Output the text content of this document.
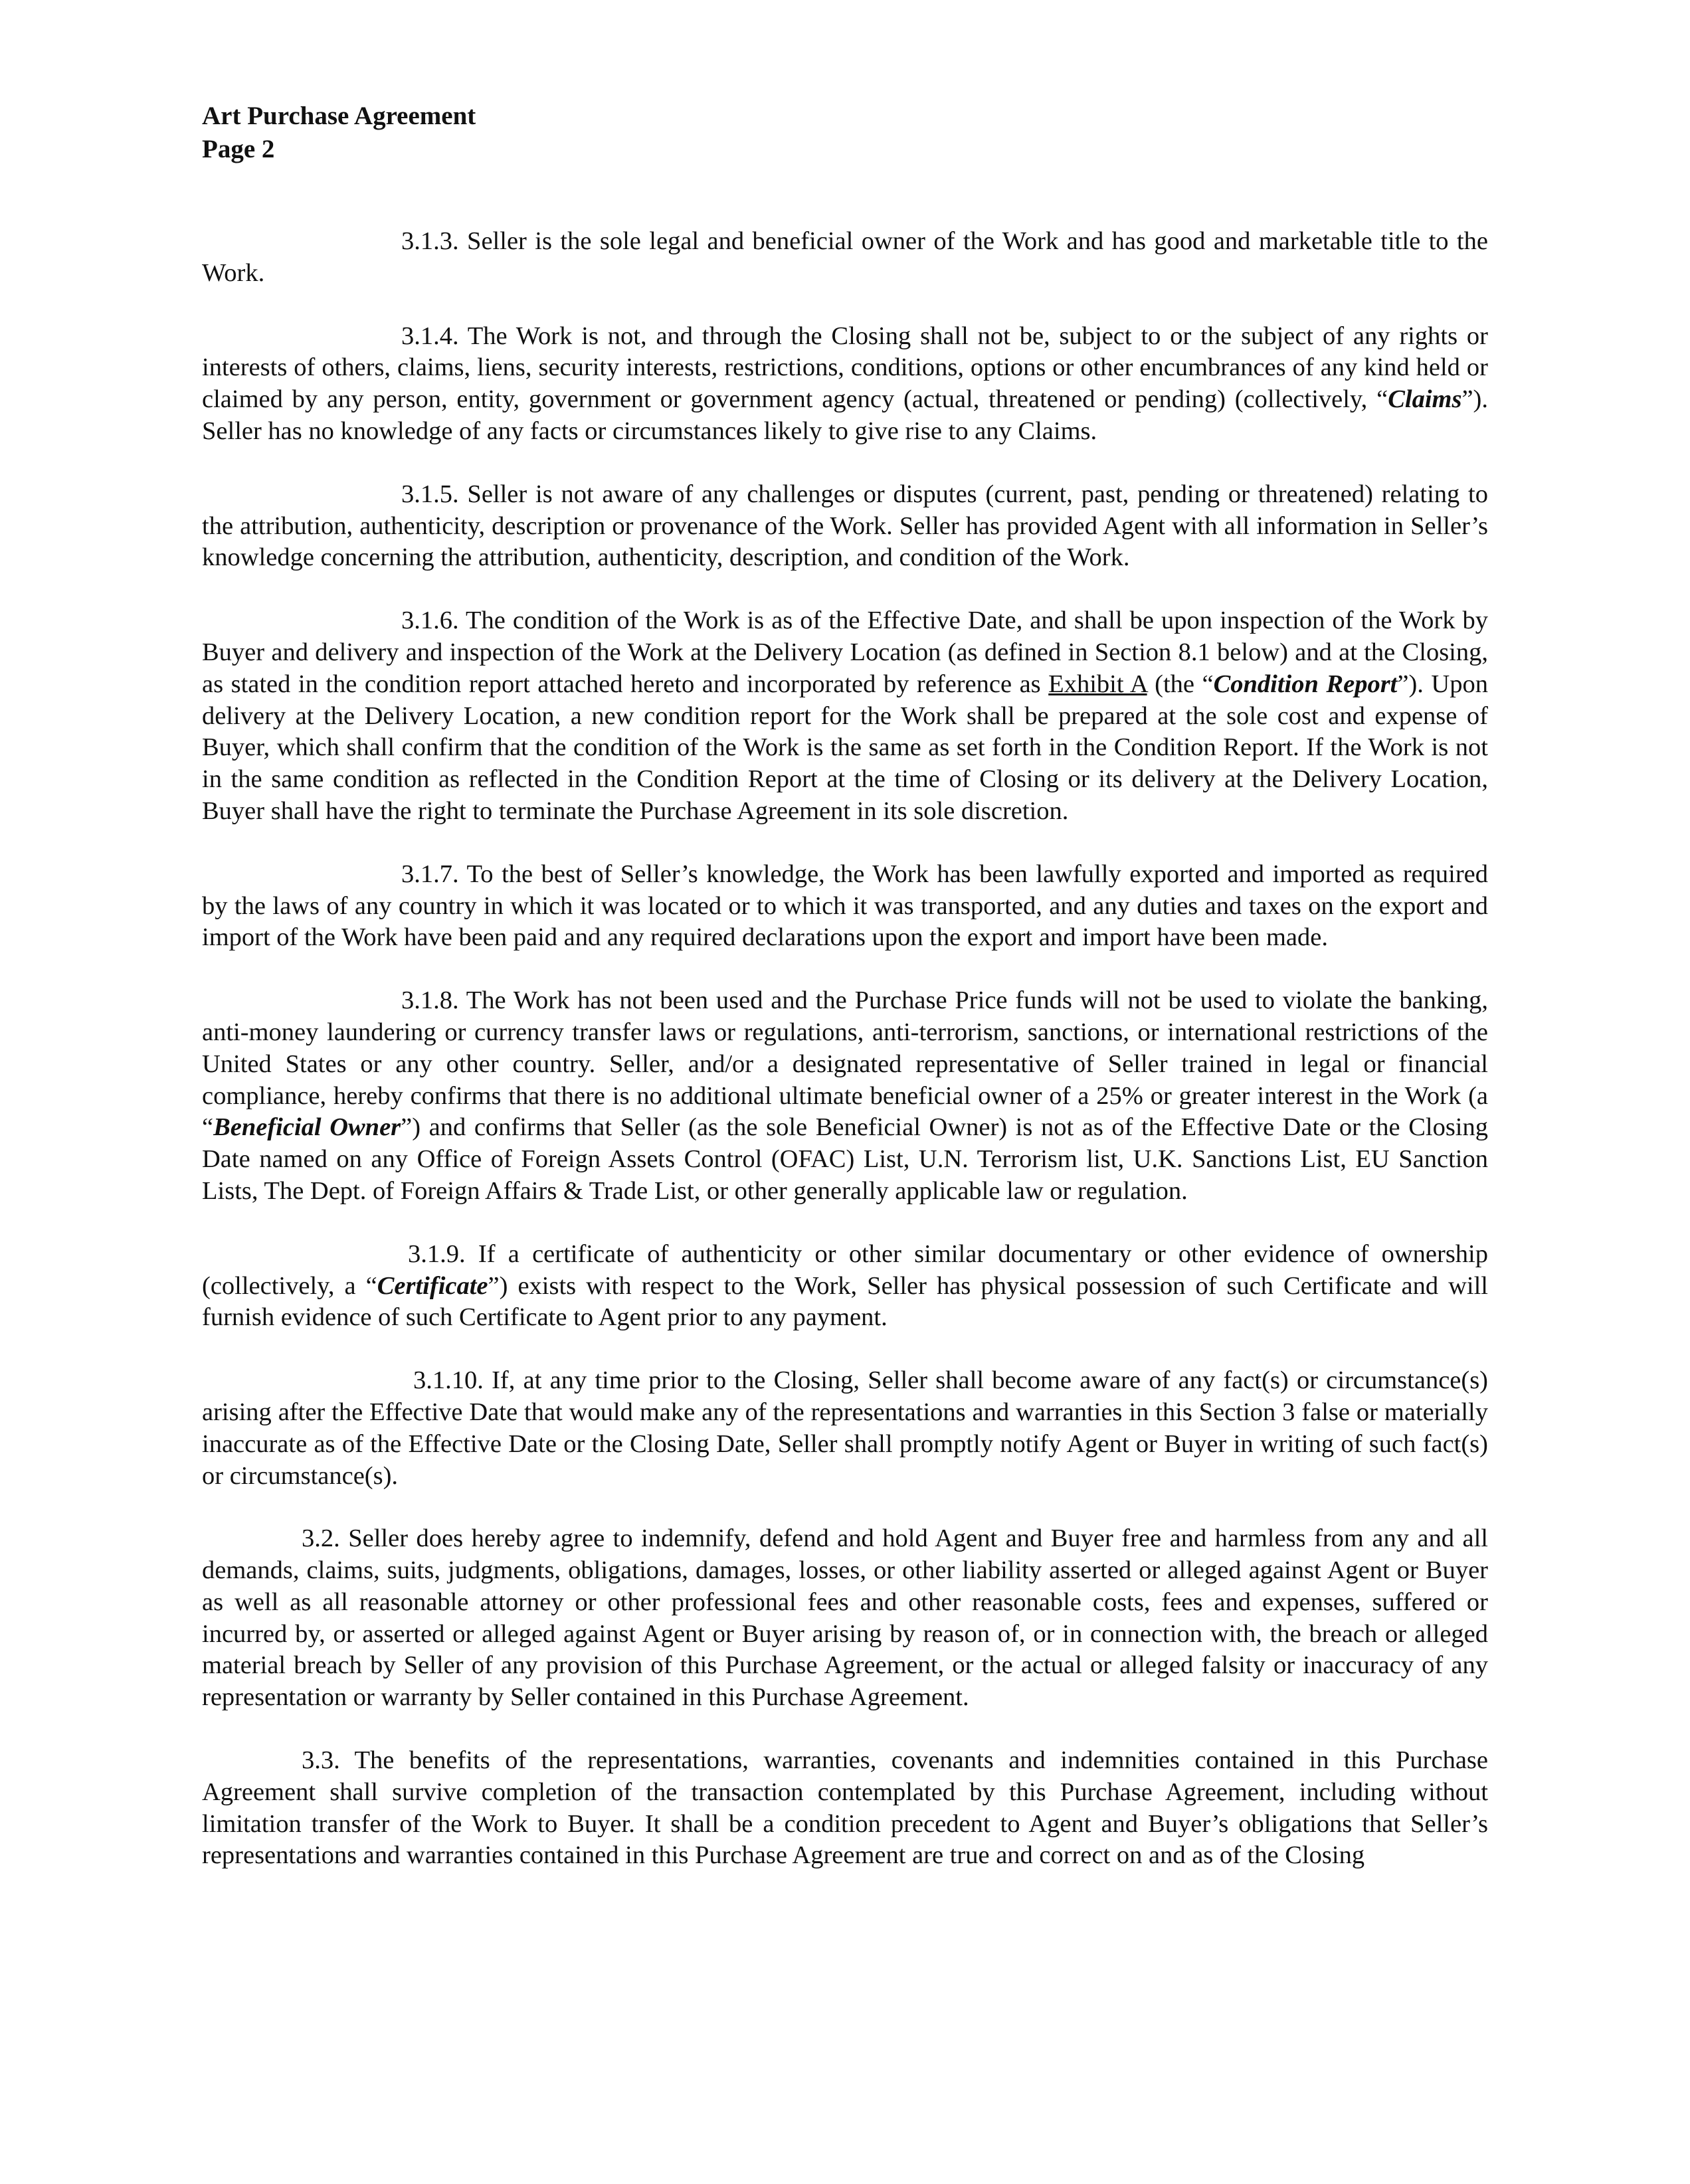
Art Purchase Agreement

Page 2

3.1.3. Seller is the sole legal and beneficial owner of the Work and has good and marketable title to the Work.

3.1.4. The Work is not, and through the Closing shall not be, subject to or the subject of any rights or interests of others, claims, liens, security interests, restrictions, conditions, options or other encumbrances of any kind held or claimed by any person, entity, government or government agency (actual, threatened or pending) (collectively, “Claims”). Seller has no knowledge of any facts or circumstances likely to give rise to any Claims.

3.1.5. Seller is not aware of any challenges or disputes (current, past, pending or threatened) relating to the attribution, authenticity, description or provenance of the Work. Seller has provided Agent with all information in Seller’s knowledge concerning the attribution, authenticity, description, and condition of the Work.

3.1.6. The condition of the Work is as of the Effective Date, and shall be upon inspection of the Work by Buyer and delivery and inspection of the Work at the Delivery Location (as defined in Section 8.1 below) and at the Closing, as stated in the condition report attached hereto and incorporated by reference as Exhibit A (the “Condition Report”). Upon delivery at the Delivery Location, a new condition report for the Work shall be prepared at the sole cost and expense of Buyer, which shall confirm that the condition of the Work is the same as set forth in the Condition Report. If the Work is not in the same condition as reflected in the Condition Report at the time of Closing or its delivery at the Delivery Location, Buyer shall have the right to terminate the Purchase Agreement in its sole discretion.

3.1.7. To the best of Seller’s knowledge, the Work has been lawfully exported and imported as required by the laws of any country in which it was located or to which it was transported, and any duties and taxes on the export and import of the Work have been paid and any required declarations upon the export and import have been made.

3.1.8. The Work has not been used and the Purchase Price funds will not be used to violate the banking, anti-money laundering or currency transfer laws or regulations, anti-terrorism, sanctions, or international restrictions of the United States or any other country. Seller, and/or a designated representative of Seller trained in legal or financial compliance, hereby confirms that there is no additional ultimate beneficial owner of a 25% or greater interest in the Work (a “Beneficial Owner”) and confirms that Seller (as the sole Beneficial Owner) is not as of the Effective Date or the Closing Date named on any Office of Foreign Assets Control (OFAC) List, U.N. Terrorism list, U.K. Sanctions List, EU Sanction Lists, The Dept. of Foreign Affairs & Trade List, or other generally applicable law or regulation.

3.1.9. If a certificate of authenticity or other similar documentary or other evidence of ownership (collectively, a “Certificate”) exists with respect to the Work, Seller has physical possession of such Certificate and will furnish evidence of such Certificate to Agent prior to any payment.

3.1.10. If, at any time prior to the Closing, Seller shall become aware of any fact(s) or circumstance(s) arising after the Effective Date that would make any of the representations and warranties in this Section 3 false or materially inaccurate as of the Effective Date or the Closing Date, Seller shall promptly notify Agent or Buyer in writing of such fact(s) or circumstance(s).

3.2. Seller does hereby agree to indemnify, defend and hold Agent and Buyer free and harmless from any and all demands, claims, suits, judgments, obligations, damages, losses, or other liability asserted or alleged against Agent or Buyer as well as all reasonable attorney or other professional fees and other reasonable costs, fees and expenses, suffered or incurred by, or asserted or alleged against Agent or Buyer arising by reason of, or in connection with, the breach or alleged material breach by Seller of any provision of this Purchase Agreement, or the actual or alleged falsity or inaccuracy of any representation or warranty by Seller contained in this Purchase Agreement.

3.3. The benefits of the representations, warranties, covenants and indemnities contained in this Purchase Agreement shall survive completion of the transaction contemplated by this Purchase Agreement, including without limitation transfer of the Work to Buyer. It shall be a condition precedent to Agent and Buyer’s obligations that Seller’s representations and warranties contained in this Purchase Agreement are true and correct on and as of the Closing
